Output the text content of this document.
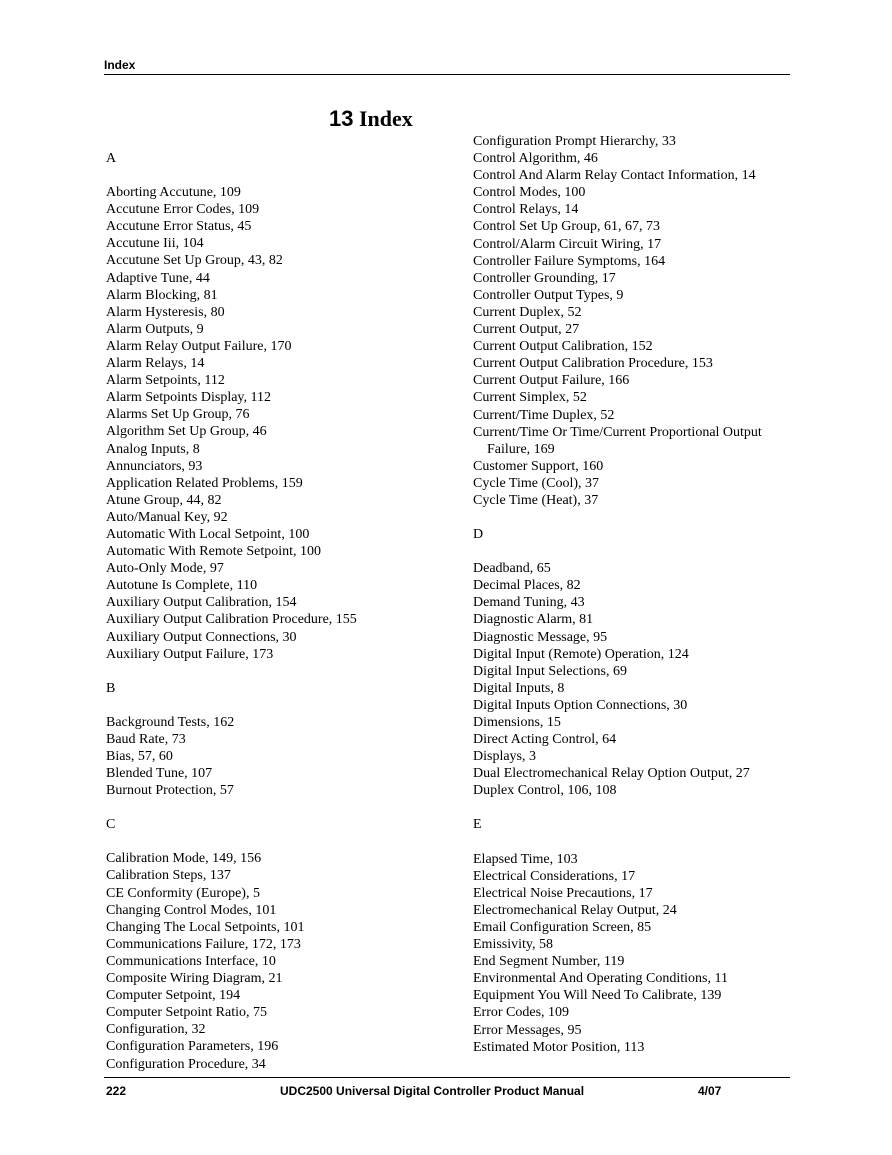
Index
13 Index
A
Aborting Accutune, 109
Accutune Error Codes, 109
Accutune Error Status, 45
Accutune Iii, 104
Accutune Set Up Group, 43, 82
Adaptive Tune, 44
Alarm Blocking, 81
Alarm Hysteresis, 80
Alarm Outputs, 9
Alarm Relay Output Failure, 170
Alarm Relays, 14
Alarm Setpoints, 112
Alarm Setpoints Display, 112
Alarms Set Up Group, 76
Algorithm Set Up Group, 46
Analog Inputs, 8
Annunciators, 93
Application Related Problems, 159
Atune Group, 44, 82
Auto/Manual Key, 92
Automatic With Local Setpoint, 100
Automatic With Remote Setpoint, 100
Auto-Only Mode, 97
Autotune Is Complete, 110
Auxiliary Output Calibration, 154
Auxiliary Output Calibration Procedure, 155
Auxiliary Output Connections, 30
Auxiliary Output Failure, 173
B
Background Tests, 162
Baud Rate, 73
Bias, 57, 60
Blended Tune, 107
Burnout Protection, 57
C
Calibration Mode, 149, 156
Calibration Steps, 137
CE Conformity (Europe), 5
Changing Control Modes, 101
Changing The Local Setpoints, 101
Communications Failure, 172, 173
Communications Interface, 10
Composite Wiring Diagram, 21
Computer Setpoint, 194
Computer Setpoint Ratio, 75
Configuration, 32
Configuration Parameters, 196
Configuration Procedure, 34
Configuration Prompt Hierarchy, 33
Control Algorithm, 46
Control And Alarm Relay Contact Information, 14
Control Modes, 100
Control Relays, 14
Control Set Up Group, 61, 67, 73
Control/Alarm Circuit Wiring, 17
Controller Failure Symptoms, 164
Controller Grounding, 17
Controller Output Types, 9
Current Duplex, 52
Current Output, 27
Current Output Calibration, 152
Current Output Calibration Procedure, 153
Current Output Failure, 166
Current Simplex, 52
Current/Time Duplex, 52
Current/Time Or Time/Current Proportional Output Failure, 169
Customer Support, 160
Cycle Time (Cool), 37
Cycle Time (Heat), 37
D
Deadband, 65
Decimal Places, 82
Demand Tuning, 43
Diagnostic Alarm, 81
Diagnostic Message, 95
Digital Input (Remote) Operation, 124
Digital Input Selections, 69
Digital Inputs, 8
Digital Inputs Option Connections, 30
Dimensions, 15
Direct Acting Control, 64
Displays, 3
Dual Electromechanical Relay Option Output, 27
Duplex Control, 106, 108
E
Elapsed Time, 103
Electrical Considerations, 17
Electrical Noise Precautions, 17
Electromechanical Relay Output, 24
Email Configuration Screen, 85
Emissivity, 58
End Segment Number, 119
Environmental And Operating Conditions, 11
Equipment You Will Need To Calibrate, 139
Error Codes, 109
Error Messages, 95
Estimated Motor Position, 113
222	UDC2500 Universal Digital Controller Product Manual	4/07
